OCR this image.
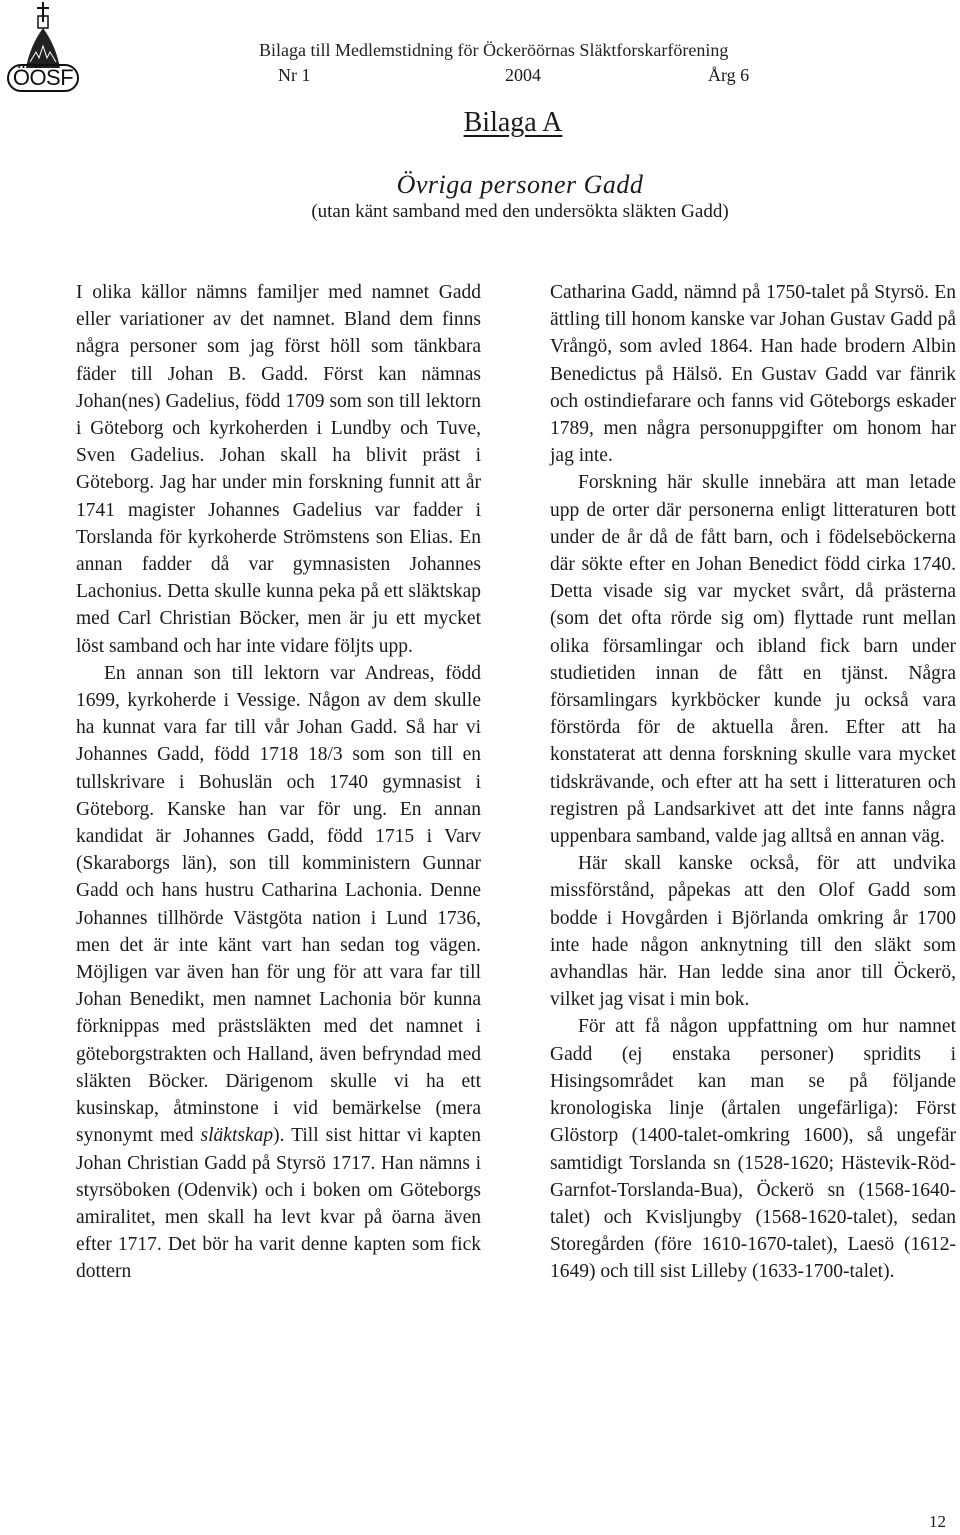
ÖÖSF
Bilaga till Medlemstidning för Öckeröörnas Släktforskarförening
Nr 1	2004	Årg 6
Bilaga A
Övriga personer Gadd
(utan känt samband med den undersökta släkten Gadd)

I olika källor nämns familjer med namnet Gadd eller variationer av det namnet. Bland dem finns några personer som jag först höll som tänkbara fäder till Johan B. Gadd. Först kan nämnas Johan(nes) Gadelius, född 1709 som son till lektorn i Göteborg och kyrkoherden i Lundby och Tuve, Sven Gadelius. Johan skall ha blivit präst i Göteborg. Jag har under min forskning funnit att år 1741 magister Johannes Gadelius var fadder i Torslanda för kyrkoherde Strömstens son Elias. En annan fadder då var gymnasisten Johannes Lachonius. Detta skulle kunna peka på ett släktskap med Carl Christian Böcker, men är ju ett mycket löst samband och har inte vidare följts upp.

En annan son till lektorn var Andreas, född 1699, kyrkoherde i Vessige. Någon av dem skulle ha kunnat vara far till vår Johan Gadd. Så har vi Johannes Gadd, född 1718 18/3 som son till en tullskrivare i Bohuslän och 1740 gymnasist i Göteborg. Kanske han var för ung. En annan kandidat är Johannes Gadd, född 1715 i Varv (Skaraborgs län), son till komministern Gunnar Gadd och hans hustru Catharina Lachonia. Denne Johannes tillhörde Västgöta nation i Lund 1736, men det är inte känt vart han sedan tog vägen. Möjligen var även han för ung för att vara far till Johan Benedikt, men namnet Lachonia bör kunna förknippas med prästsläkten med det namnet i göteborgstrakten och Halland, även befryndad med släkten Böcker. Därigenom skulle vi ha ett kusinskap, åtminstone i vid bemärkelse (mera synonymt med släktskap). Till sist hittar vi kapten Johan Christian Gadd på Styrsö 1717. Han nämns i styrsöboken (Odenvik) och i boken om Göteborgs amiralitet, men skall ha levt kvar på öarna även efter 1717. Det bör ha varit denne kapten som fick dottern

Catharina Gadd, nämnd på 1750-talet på Styrsö. En ättling till honom kanske var Johan Gustav Gadd på Vrångö, som avled 1864. Han hade brodern Albin Benedictus på Hälsö. En Gustav Gadd var fänrik och ostindiefarare och fanns vid Göteborgs eskader 1789, men några personuppgifter om honom har jag inte.

Forskning här skulle innebära att man letade upp de orter där personerna enligt litteraturen bott under de år då de fått barn, och i födelseböckerna där sökte efter en Johan Benedict född cirka 1740. Detta visade sig var mycket svårt, då prästerna (som det ofta rörde sig om) flyttade runt mellan olika församlingar och ibland fick barn under studietiden innan de fått en tjänst. Några församlingars kyrkböcker kunde ju också vara förstörda för de aktuella åren. Efter att ha konstaterat att denna forskning skulle vara mycket tidskrävande, och efter att ha sett i litteraturen och registren på Landsarkivet att det inte fanns några uppenbara samband, valde jag alltså en annan väg.

Här skall kanske också, för att undvika missförstånd, påpekas att den Olof Gadd som bodde i Hovgården i Björlanda omkring år 1700 inte hade någon anknytning till den släkt som avhandlas här. Han ledde sina anor till Öckerö, vilket jag visat i min bok.

För att få någon uppfattning om hur namnet Gadd (ej enstaka personer) spridits i Hisingsområdet kan man se på följande kronologiska linje (årtalen ungefärliga): Först Glöstorp (1400-talet-omkring 1600), så ungefär samtidigt Torslanda sn (1528-1620; Hästevik-Röd-Garnfot-Torslanda-Bua), Öckerö sn (1568-1640-talet) och Kvisljungby (1568-1620-talet), sedan Storegården (före 1610-1670-talet), Laesö (1612-1649) och till sist Lilleby (1633-1700-talet).

12
